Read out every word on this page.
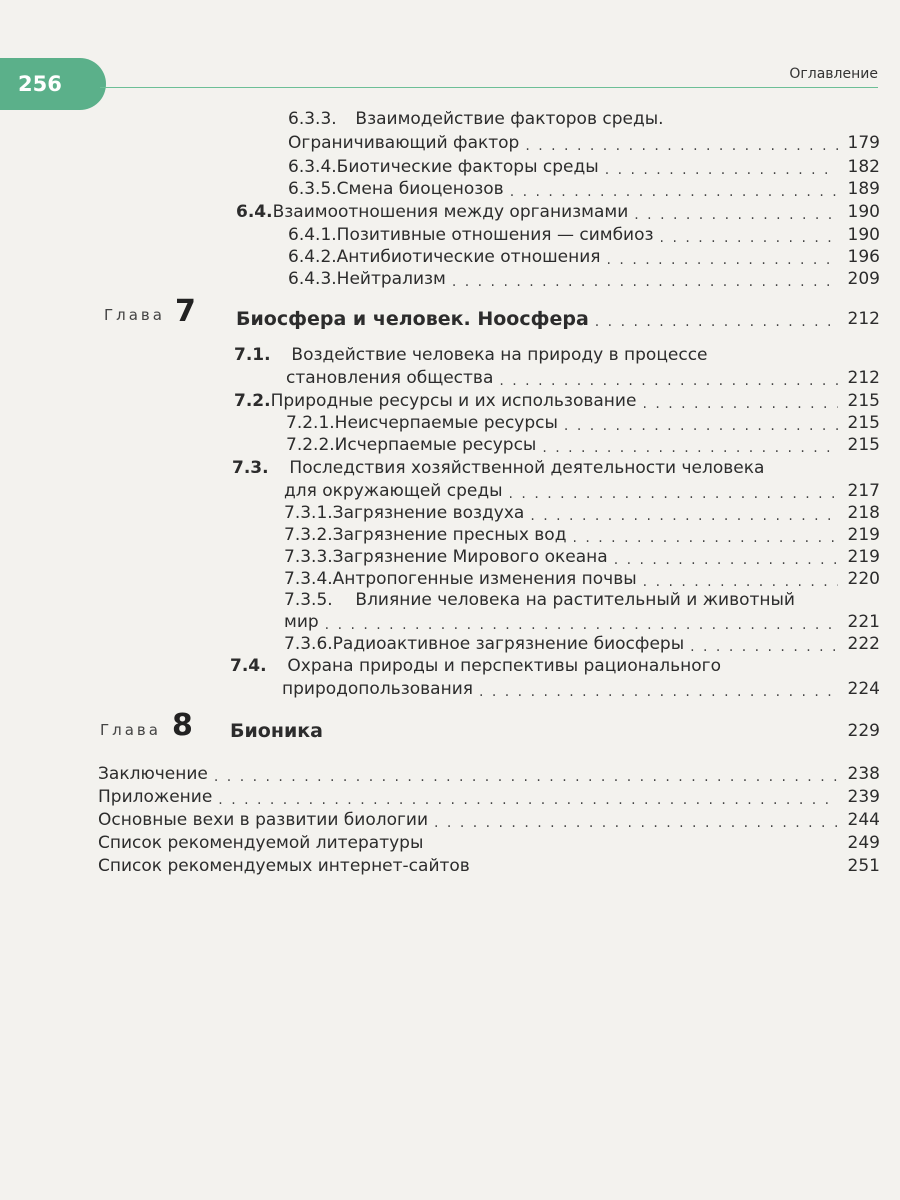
256	Оглавление
6.3.3. Взаимодействие факторов среды.
Ограничивающий фактор . . .	179
6.3.4. Биотические факторы среды . . .	182
6.3.5. Смена биоценозов . . .	189
6.4. Взаимоотношения между организмами . . .	190
6.4.1. Позитивные отношения — симбиоз . . .	190
6.4.2. Антибиотические отношения . . .	196
6.4.3. Нейтрализм . . .	209
Глава 7 Биосфера и человек. Ноосфера . . .	212
7.1. Воздействие человека на природу в процессе
становления общества . . .	212
7.2. Природные ресурсы и их использование . . .	215
7.2.1. Неисчерпаемые ресурсы . . .	215
7.2.2. Исчерпаемые ресурсы . . .	215
7.3. Последствия хозяйственной деятельности человека
для окружающей среды . . .	217
7.3.1. Загрязнение воздуха . . .	218
7.3.2. Загрязнение пресных вод . . .	219
7.3.3. Загрязнение Мирового океана . . .	219
7.3.4. Антропогенные изменения почвы . . .	220
7.3.5. Влияние человека на растительный и животный
мир . . .	221
7.3.6. Радиоактивное загрязнение биосферы . . .	222
7.4. Охрана природы и перспективы рационального
природопользования . . .	224
Глава 8 Бионика	229
Заключение . . .	238
Приложение . . .	239
Основные вехи в развитии биологии . . .	244
Список рекомендуемой литературы	249
Список рекомендуемых интернет-сайтов	251
